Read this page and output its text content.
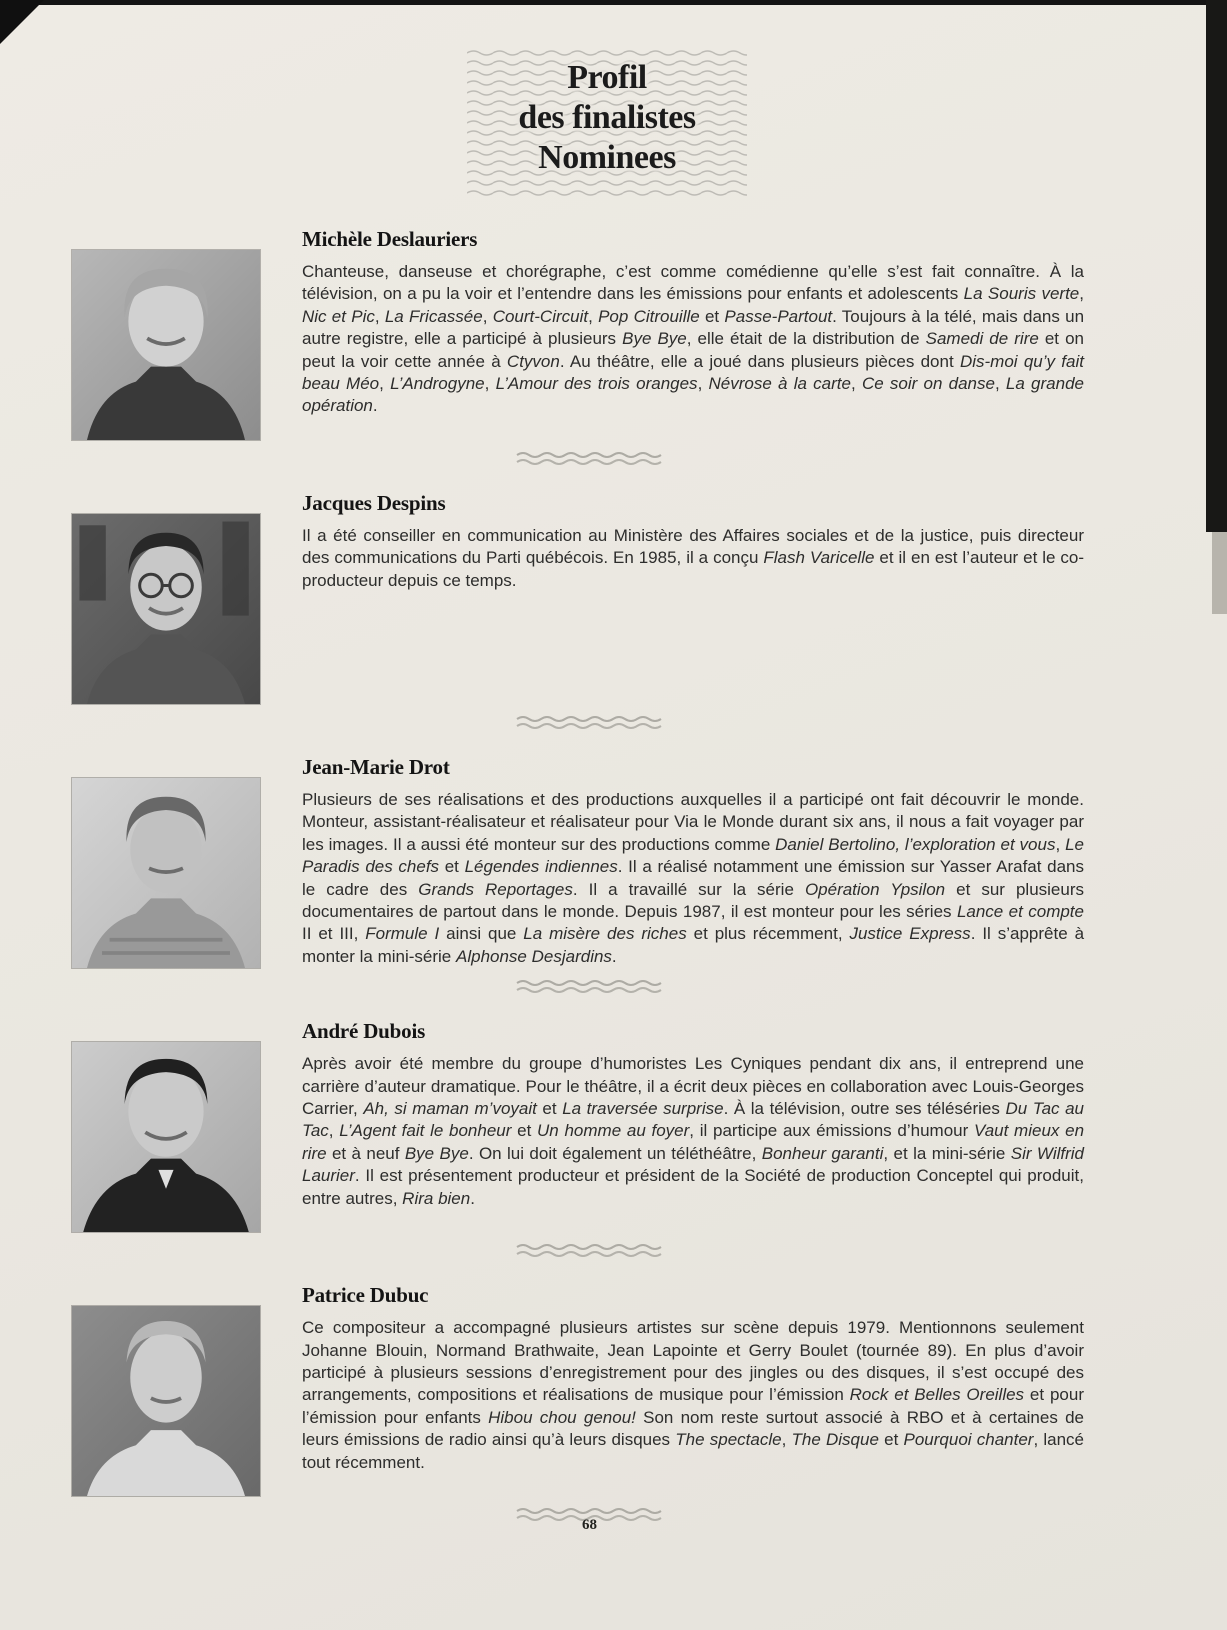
Profil
des finalistes
Nominees
Michèle Deslauriers

Chanteuse, danseuse et chorégraphe, c’est comme comédienne qu’elle s’est fait connaître. À la télévision, on a pu la voir et l’entendre dans les émissions pour enfants et adolescents La Souris verte, Nic et Pic, La Fricassée, Court-Circuit, Pop Citrouille et Passe-Partout. Toujours à la télé, mais dans un autre registre, elle a participé à plusieurs Bye Bye, elle était de la distribution de Samedi de rire et on peut la voir cette année à Ctyvon. Au théâtre, elle a joué dans plusieurs pièces dont Dis-moi qu’y fait beau Méo, L’Androgyne, L’Amour des trois oranges, Névrose à la carte, Ce soir on danse, La grande opération.

Jacques Despins

Il a été conseiller en communication au Ministère des Affaires sociales et de la justice, puis directeur des communications du Parti québécois. En 1985, il a conçu Flash Varicelle et il en est l’auteur et le co-producteur depuis ce temps.

Jean-Marie Drot

Plusieurs de ses réalisations et des productions auxquelles il a participé ont fait découvrir le monde. Monteur, assistant-réalisateur et réalisateur pour Via le Monde durant six ans, il nous a fait voyager par les images. Il a aussi été monteur sur des productions comme Daniel Bertolino, l’exploration et vous, Le Paradis des chefs et Légendes indiennes. Il a réalisé notamment une émission sur Yasser Arafat dans le cadre des Grands Reportages. Il a travaillé sur la série Opération Ypsilon et sur plusieurs documentaires de partout dans le monde. Depuis 1987, il est monteur pour les séries Lance et compte II et III, Formule I ainsi que La misère des riches et plus récemment, Justice Express. Il s’apprête à monter la mini-série Alphonse Desjardins.

André Dubois

Après avoir été membre du groupe d’humoristes Les Cyniques pendant dix ans, il entreprend une carrière d’auteur dramatique. Pour le théâtre, il a écrit deux pièces en collaboration avec Louis-Georges Carrier, Ah, si maman m’voyait et La traversée surprise. À la télévision, outre ses téléséries Du Tac au Tac, L’Agent fait le bonheur et Un homme au foyer, il participe aux émissions d’humour Vaut mieux en rire et à neuf Bye Bye. On lui doit également un téléthéâtre, Bonheur garanti, et la mini-série Sir Wilfrid Laurier. Il est présentement producteur et président de la Société de production Conceptel qui produit, entre autres, Rira bien.

Patrice Dubuc

Ce compositeur a accompagné plusieurs artistes sur scène depuis 1979. Mentionnons seulement Johanne Blouin, Normand Brathwaite, Jean Lapointe et Gerry Boulet (tournée 89). En plus d’avoir participé à plusieurs sessions d’enregistrement pour des jingles ou des disques, il s’est occupé des arrangements, compositions et réalisations de musique pour l’émission Rock et Belles Oreilles et pour l’émission pour enfants Hibou chou genou! Son nom reste surtout associé à RBO et à certaines de leurs émissions de radio ainsi qu’à leurs disques The spectacle, The Disque et Pourquoi chanter, lancé tout récemment.

68
